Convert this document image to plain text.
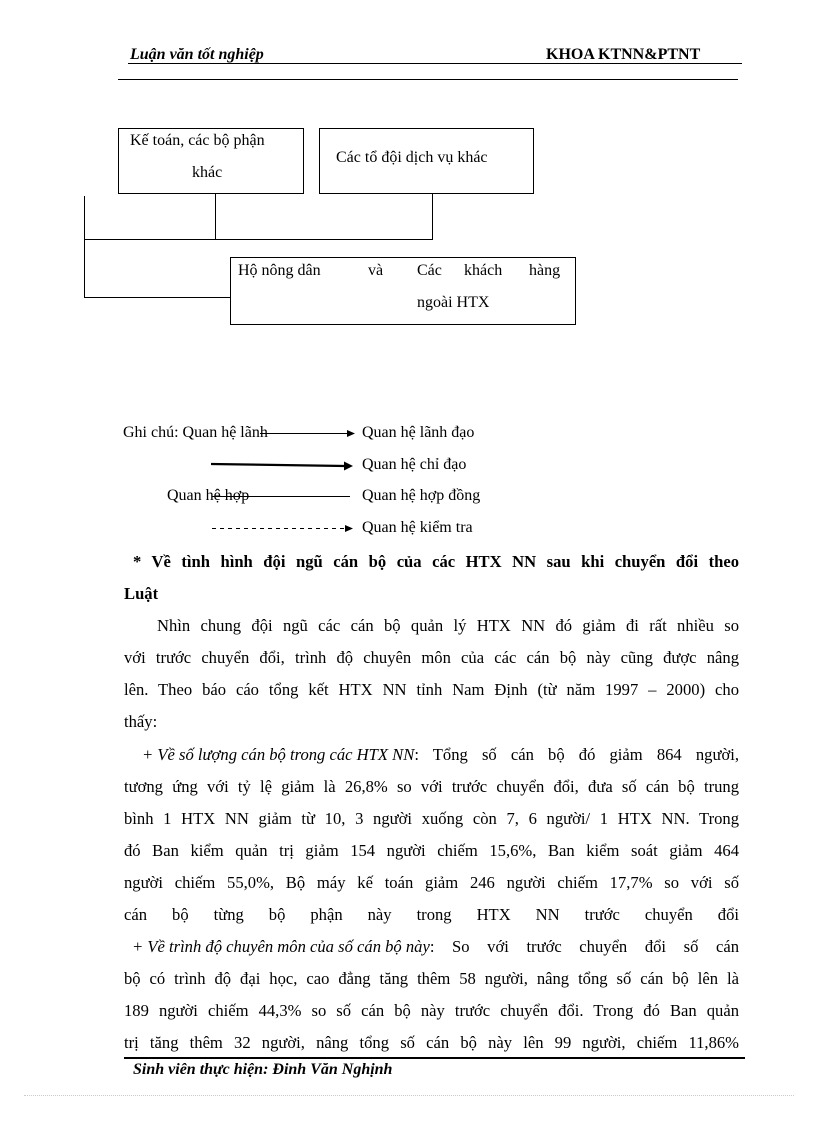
Luận văn tốt nghiệp	KHOA KTNN&PTNT
Kế toán, các bộ phận
khác
Các tổ đội dịch vụ khác
Hộ nông dân	và Các khách hàng
ngoài HTX
Ghi chú: Quan hệ lãnh	Quan hệ lãnh đạo
Quan hệ chỉ đạo
Quan hệ hợp	Quan hệ hợp đồng
Quan hệ kiểm tra
* Về tình hình đội ngũ cán bộ của các HTX NN sau khi chuyển đổi theo
Luật
Nhìn chung đội ngũ các cán bộ quản lý HTX NN đó giảm đi rất nhiều so
với trước chuyển đổi, trình độ chuyên môn của các cán bộ này cũng được nâng
lên. Theo báo cáo tổng kết HTX NN tỉnh Nam Định (từ năm 1997 – 2000) cho
thấy:
+ Về số lượng cán bộ trong các HTX NN : Tổng số cán bộ đó giảm 864 người,
tương ứng với tỷ lệ giảm là 26,8% so với trước chuyển đổi, đưa số cán bộ trung
bình 1 HTX NN giảm từ 10, 3 người xuống còn 7, 6 người/ 1 HTX NN. Trong
đó Ban kiểm quản trị giảm 154 người chiếm 15,6%, Ban kiểm soát giảm 464
người chiếm 55,0%, Bộ máy kế toán giảm 246 người chiếm 17,7% so với số
cán bộ từng bộ phận này trong HTX NN trước chuyển đổi
+ Về trình độ chuyên môn của số cán bộ này : So với trước chuyển đổi số cán
bộ có trình độ đại học, cao đẳng tăng thêm 58 người, nâng tổng số cán bộ lên là
189 người chiếm 44,3% so số cán bộ này trước chuyển đổi. Trong đó Ban quản
trị tăng thêm 32 người, nâng tổng số cán bộ này lên 99 người, chiếm 11,86%
Sinh viên thực hiện: Đinh Văn Nghịnh
